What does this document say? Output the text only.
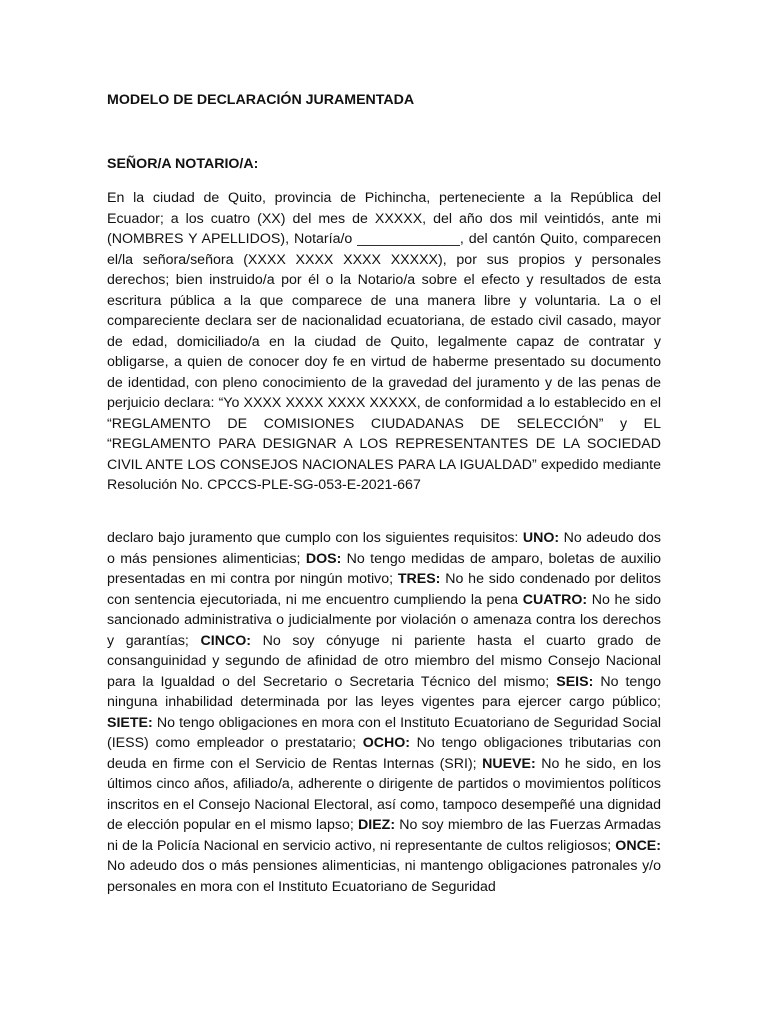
MODELO DE DECLARACIÓN JURAMENTADA

SEÑOR/A NOTARIO/A:

En la ciudad de Quito, provincia de Pichincha, perteneciente a la República del Ecuador; a los cuatro (XX) del mes de XXXXX, del año dos mil veintidós, ante mi (NOMBRES Y APELLIDOS), Notaría/o _____________, del cantón Quito, comparecen el/la señora/señora (XXXX XXXX XXXX XXXXX), por sus propios y personales derechos; bien instruido/a por él o la Notario/a sobre el efecto y resultados de esta escritura pública a la que comparece de una manera libre y voluntaria. La o el compareciente declara ser de nacionalidad ecuatoriana, de estado civil casado, mayor de edad, domiciliado/a en la ciudad de Quito, legalmente capaz de contratar y obligarse, a quien de conocer doy fe en virtud de haberme presentado su documento de identidad, con pleno conocimiento de la gravedad del juramento y de las penas de perjuicio declara: “Yo XXXX XXXX XXXX XXXXX, de conformidad a lo establecido en el “REGLAMENTO DE COMISIONES CIUDADANAS DE SELECCIÓN” y EL “REGLAMENTO PARA DESIGNAR A LOS REPRESENTANTES DE LA SOCIEDAD CIVIL ANTE LOS CONSEJOS NACIONALES PARA LA IGUALDAD” expedido mediante Resolución No. CPCCS-PLE-SG-053-E-2021-667

declaro bajo juramento que cumplo con los siguientes requisitos: UNO: No adeudo dos o más pensiones alimenticias; DOS: No tengo medidas de amparo, boletas de auxilio presentadas en mi contra por ningún motivo; TRES: No he sido condenado por delitos con sentencia ejecutoriada, ni me encuentro cumpliendo la pena CUATRO: No he sido sancionado administrativa o judicialmente por violación o amenaza contra los derechos y garantías; CINCO: No soy cónyuge ni pariente hasta el cuarto grado de consanguinidad y segundo de afinidad de otro miembro del mismo Consejo Nacional para la Igualdad o del Secretario o Secretaria Técnico del mismo; SEIS: No tengo ninguna inhabilidad determinada por las leyes vigentes para ejercer cargo público; SIETE: No tengo obligaciones en mora con el Instituto Ecuatoriano de Seguridad Social (IESS) como empleador o prestatario; OCHO: No tengo obligaciones tributarias con deuda en firme con el Servicio de Rentas Internas (SRI); NUEVE: No he sido, en los últimos cinco años, afiliado/a, adherente o dirigente de partidos o movimientos políticos inscritos en el Consejo Nacional Electoral, así como, tampoco desempeñé una dignidad de elección popular en el mismo lapso; DIEZ: No soy miembro de las Fuerzas Armadas ni de la Policía Nacional en servicio activo, ni representante de cultos religiosos; ONCE: No adeudo dos o más pensiones alimenticias, ni mantengo obligaciones patronales y/o personales en mora con el Instituto Ecuatoriano de Seguridad
